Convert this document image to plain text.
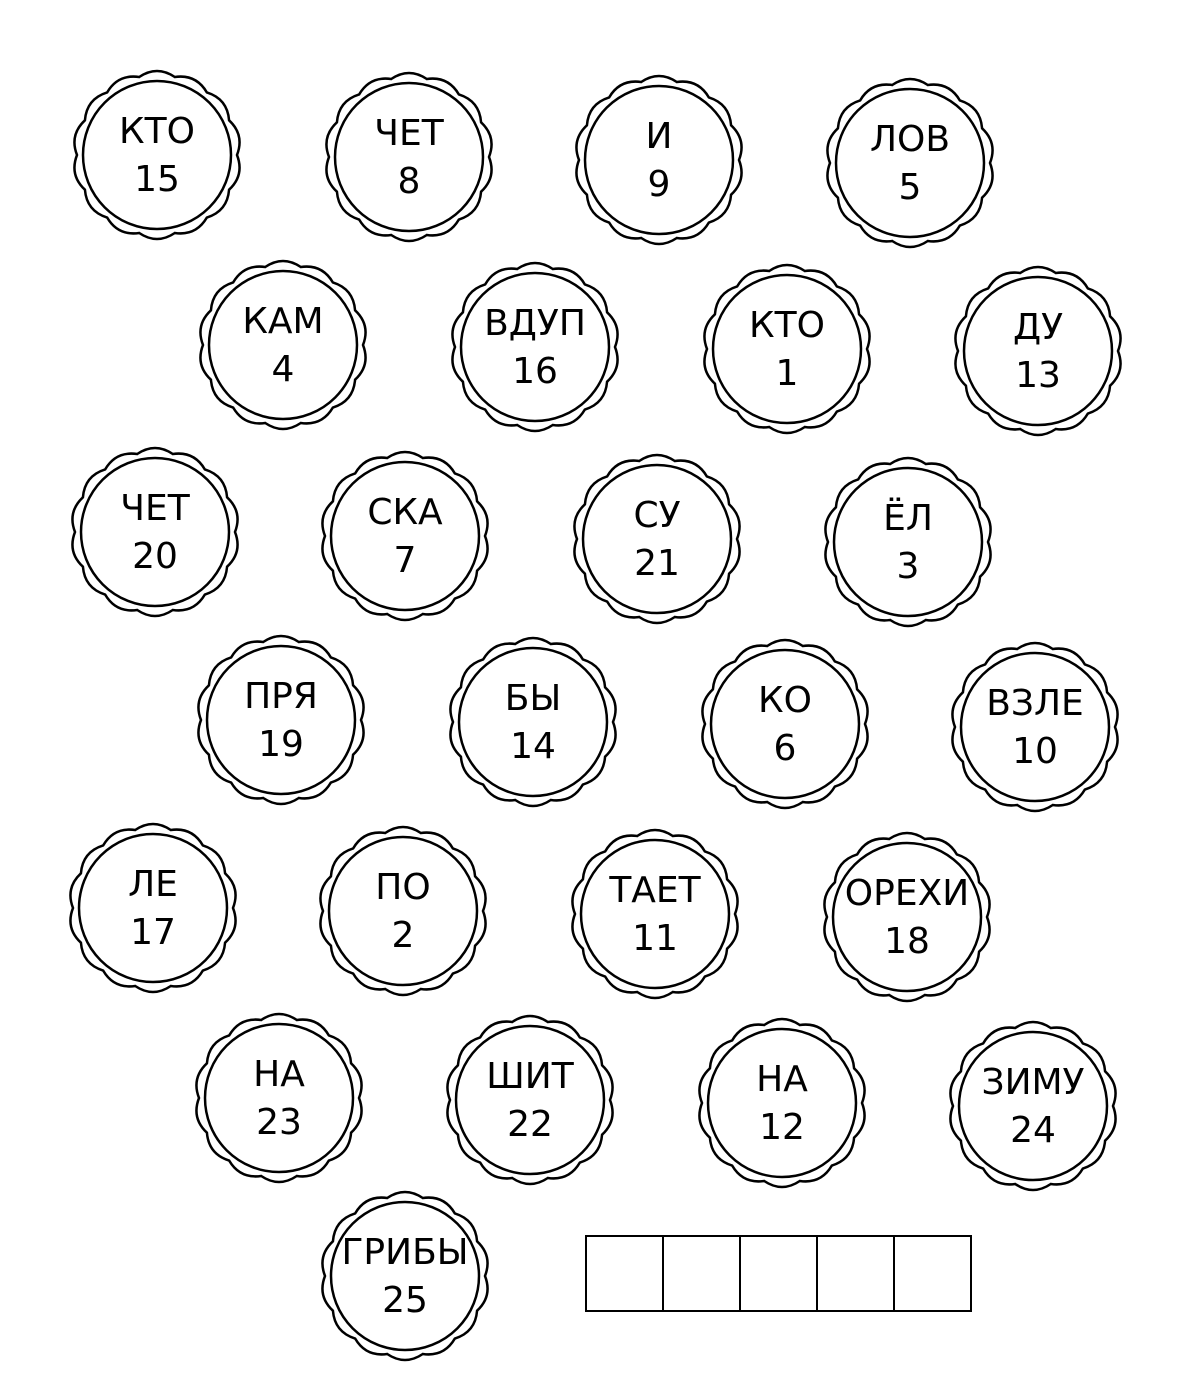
КТО
15
ЧЕТ
8
И
9
ЛОВ
5
КАМ
4
ВДУП
16
КТО
1
ДУ
13
ЧЕТ
20
СКА
7
СУ
21
ЁЛ
3
ПРЯ
19
БЫ
14
КО
6
ВЗЛЕ
10
ЛЕ
17
ПО
2
ТАЕТ
11
ОРЕХИ
18
НА
23
ШИТ
22
НА
12
ЗИМУ
24
ГРИБЫ
25
